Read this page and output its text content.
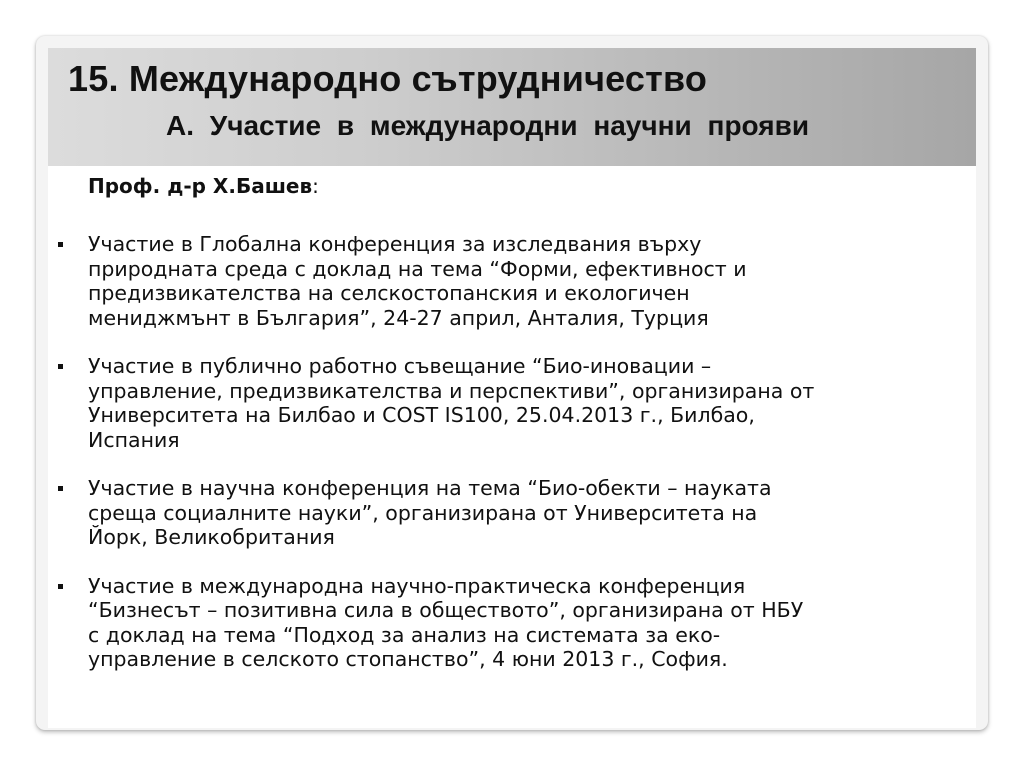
15. Международно сътрудничество
А. Участие в международни научни прояви
Проф. д-р Х.Башев:
Участие в Глобална конференция за изследвания върху
природната среда с доклад на тема “Форми, ефективност и
предизвикателства на селскостопанския и екологичен
мениджмънт в България”, 24-27 април, Анталия, Турция
Участие в публично работно съвещание “Био-иновации –
управление, предизвикателства и перспективи”, организирана от
Университета на Билбао и COST IS100, 25.04.2013 г., Билбао,
Испания
Участие в научна конференция на тема “Био-обекти – науката
среща социалните науки”, организирана от Университета на
Йорк, Великобритания
Участие в международна научно-практическа конференция
“Бизнесът – позитивна сила в обществото”, организирана от НБУ
с доклад на тема “Подход за анализ на системата за еко-
управление в селското стопанство”, 4 юни 2013 г., София.
